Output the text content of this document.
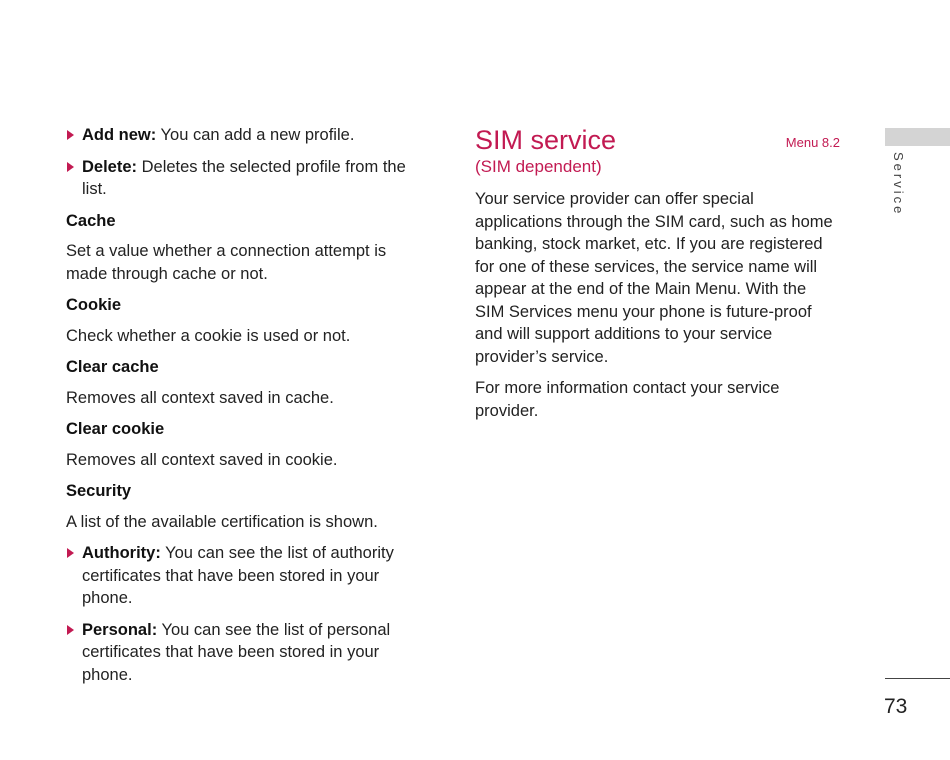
Add new: You can add a new profile.
Delete: Deletes the selected profile from the list.
Cache
Set a value whether a connection attempt is made through cache or not.
Cookie
Check whether a cookie is used or not.
Clear cache
Removes all context saved in cache.
Clear cookie
Removes all context saved in cookie.
Security
A list of the available certification is shown.
Authority: You can see the list of authority certificates that have been stored in your phone.
Personal: You can see the list of personal certificates that have been stored in your phone.
SIM service	Menu 8.2
(SIM dependent)
Your service provider can offer special applications through the SIM card, such as home banking, stock market, etc. If you are registered for one of these services, the service name will appear at the end of the Main Menu. With the SIM Services menu your phone is future-proof and will support additions to your service provider’s service.
For more information contact your service provider.
Service
73
